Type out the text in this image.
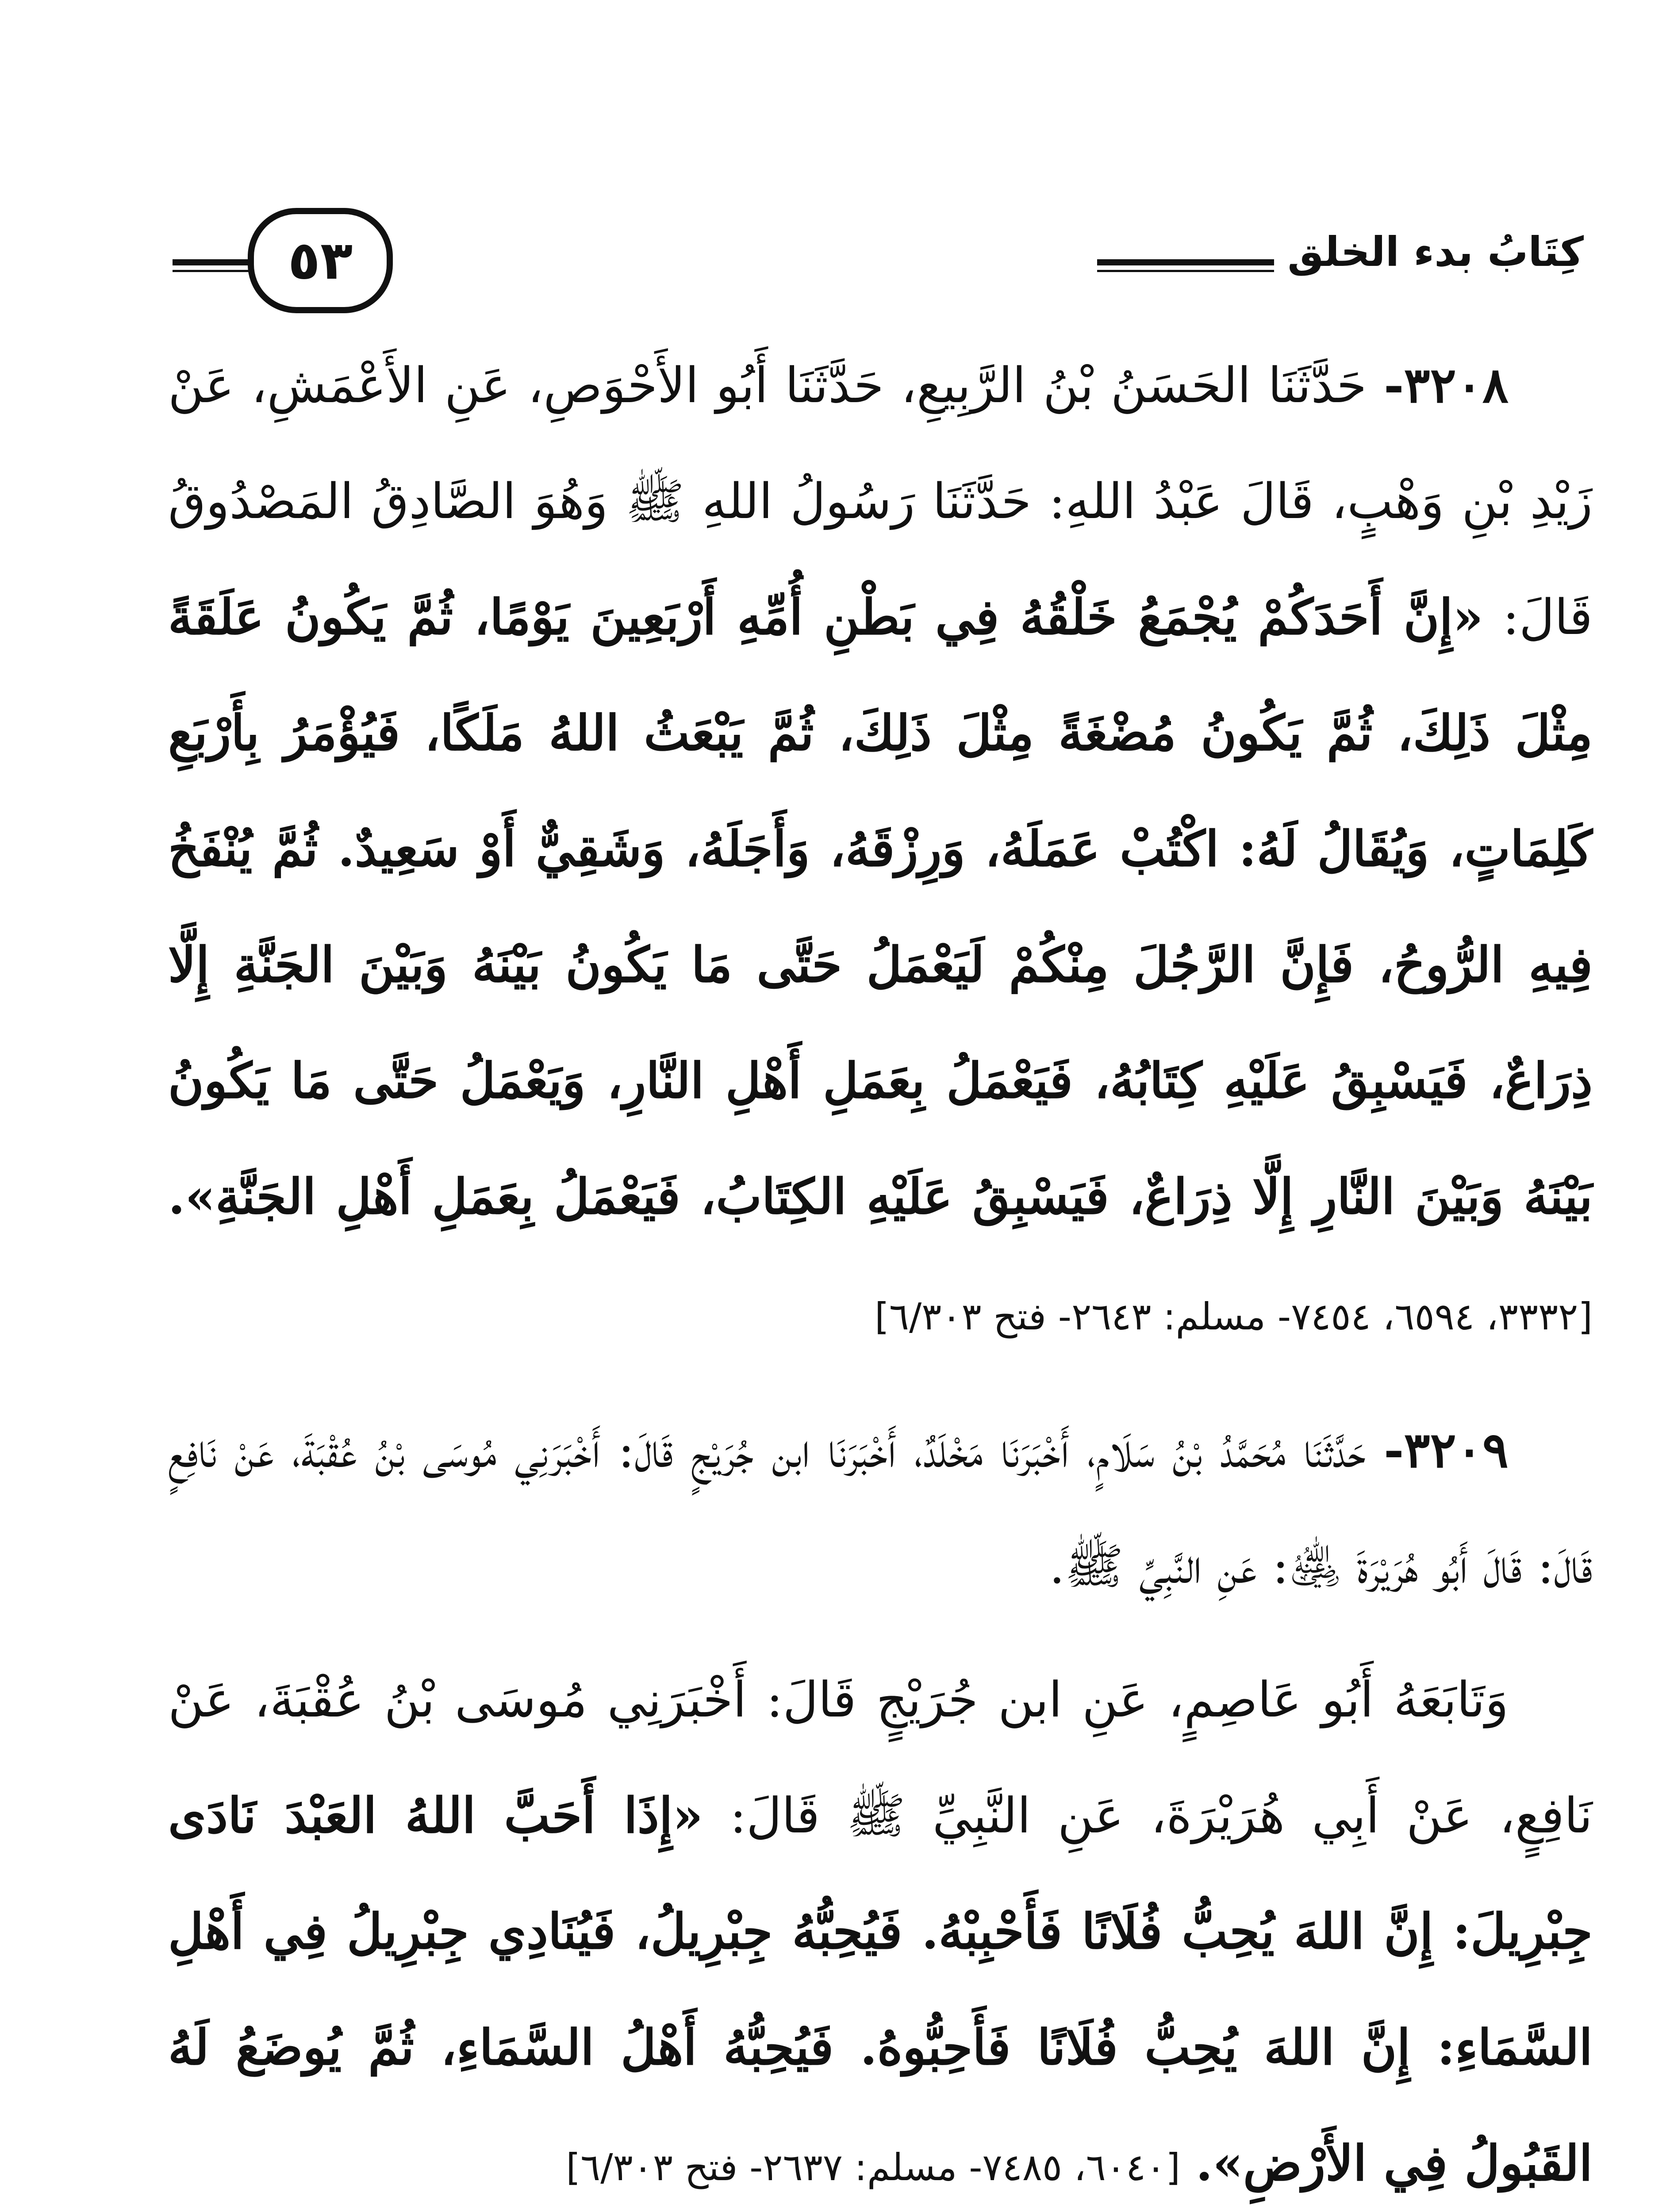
٥٣	كِتَابُ بدء الخلق

٣٢٠٨- حَدَّثَنَا الحَسَنُ بْنُ الرَّبِيعِ، حَدَّثَنَا أَبُو الأَحْوَصِ، عَنِ الأَعْمَشِ، عَنْ زَيْدِ بْنِ وَهْبٍ، قَالَ عَبْدُ اللهِ: حَدَّثَنَا رَسُولُ اللهِ ﷺ وَهُوَ الصَّادِقُ المَصْدُوقُ قَالَ: «إِنَّ أَحَدَكُمْ يُجْمَعُ خَلْقُهُ فِي بَطْنِ أُمِّهِ أَرْبَعِينَ يَوْمًا، ثُمَّ يَكُونُ عَلَقَةً مِثْلَ ذَلِكَ، ثُمَّ يَكُونُ مُضْغَةً مِثْلَ ذَلِكَ، ثُمَّ يَبْعَثُ اللهُ مَلَكًا، فَيُؤْمَرُ بِأَرْبَعِ كَلِمَاتٍ، وَيُقَالُ لَهُ: اكْتُبْ عَمَلَهُ، وَرِزْقَهُ، وَأَجَلَهُ، وَشَقِيٌّ أَوْ سَعِيدٌ. ثُمَّ يُنْفَخُ فِيهِ الرُّوحُ، فَإِنَّ الرَّجُلَ مِنْكُمْ لَيَعْمَلُ حَتَّى مَا يَكُونُ بَيْنَهُ وَبَيْنَ الجَنَّةِ إِلَّا ذِرَاعٌ، فَيَسْبِقُ عَلَيْهِ كِتَابُهُ، فَيَعْمَلُ بِعَمَلِ أَهْلِ النَّارِ، وَيَعْمَلُ حَتَّى مَا يَكُونُ بَيْنَهُ وَبَيْنَ النَّارِ إِلَّا ذِرَاعٌ، فَيَسْبِقُ عَلَيْهِ الكِتَابُ، فَيَعْمَلُ بِعَمَلِ أَهْلِ الجَنَّةِ». [٣٣٣٢، ٦٥٩٤، ٧٤٥٤- مسلم: ٢٦٤٣- فتح ٦/٣٠٣]

٣٢٠٩- حَدَّثَنَا مُحَمَّدُ بْنُ سَلَامٍ، أَخْبَرَنَا مَخْلَدٌ، أَخْبَرَنَا ابن جُرَيْجٍ قَالَ: أَخْبَرَنِي مُوسَى بْنُ عُقْبَةَ، عَنْ نَافِعٍ قَالَ: قَالَ أَبُو هُرَيْرَةَ ﵁: عَنِ النَّبِيِّ ﷺ.

وَتَابَعَهُ أَبُو عَاصِمٍ، عَنِ ابن جُرَيْجٍ قَالَ: أَخْبَرَنِي مُوسَى بْنُ عُقْبَةَ، عَنْ نَافِعٍ، عَنْ أَبِي هُرَيْرَةَ، عَنِ النَّبِيِّ ﷺ قَالَ: «إِذَا أَحَبَّ اللهُ العَبْدَ نَادَى جِبْرِيلَ: إِنَّ اللهَ يُحِبُّ فُلَانًا فَأَحْبِبْهُ. فَيُحِبُّهُ جِبْرِيلُ، فَيُنَادِي جِبْرِيلُ فِي أَهْلِ السَّمَاءِ: إِنَّ اللهَ يُحِبُّ فُلَانًا فَأَحِبُّوهُ. فَيُحِبُّهُ أَهْلُ السَّمَاءِ، ثُمَّ يُوضَعُ لَهُ القَبُولُ فِي الأَرْضِ». [٦٠٤٠، ٧٤٨٥- مسلم: ٢٦٣٧- فتح ٦/٣٠٣]
